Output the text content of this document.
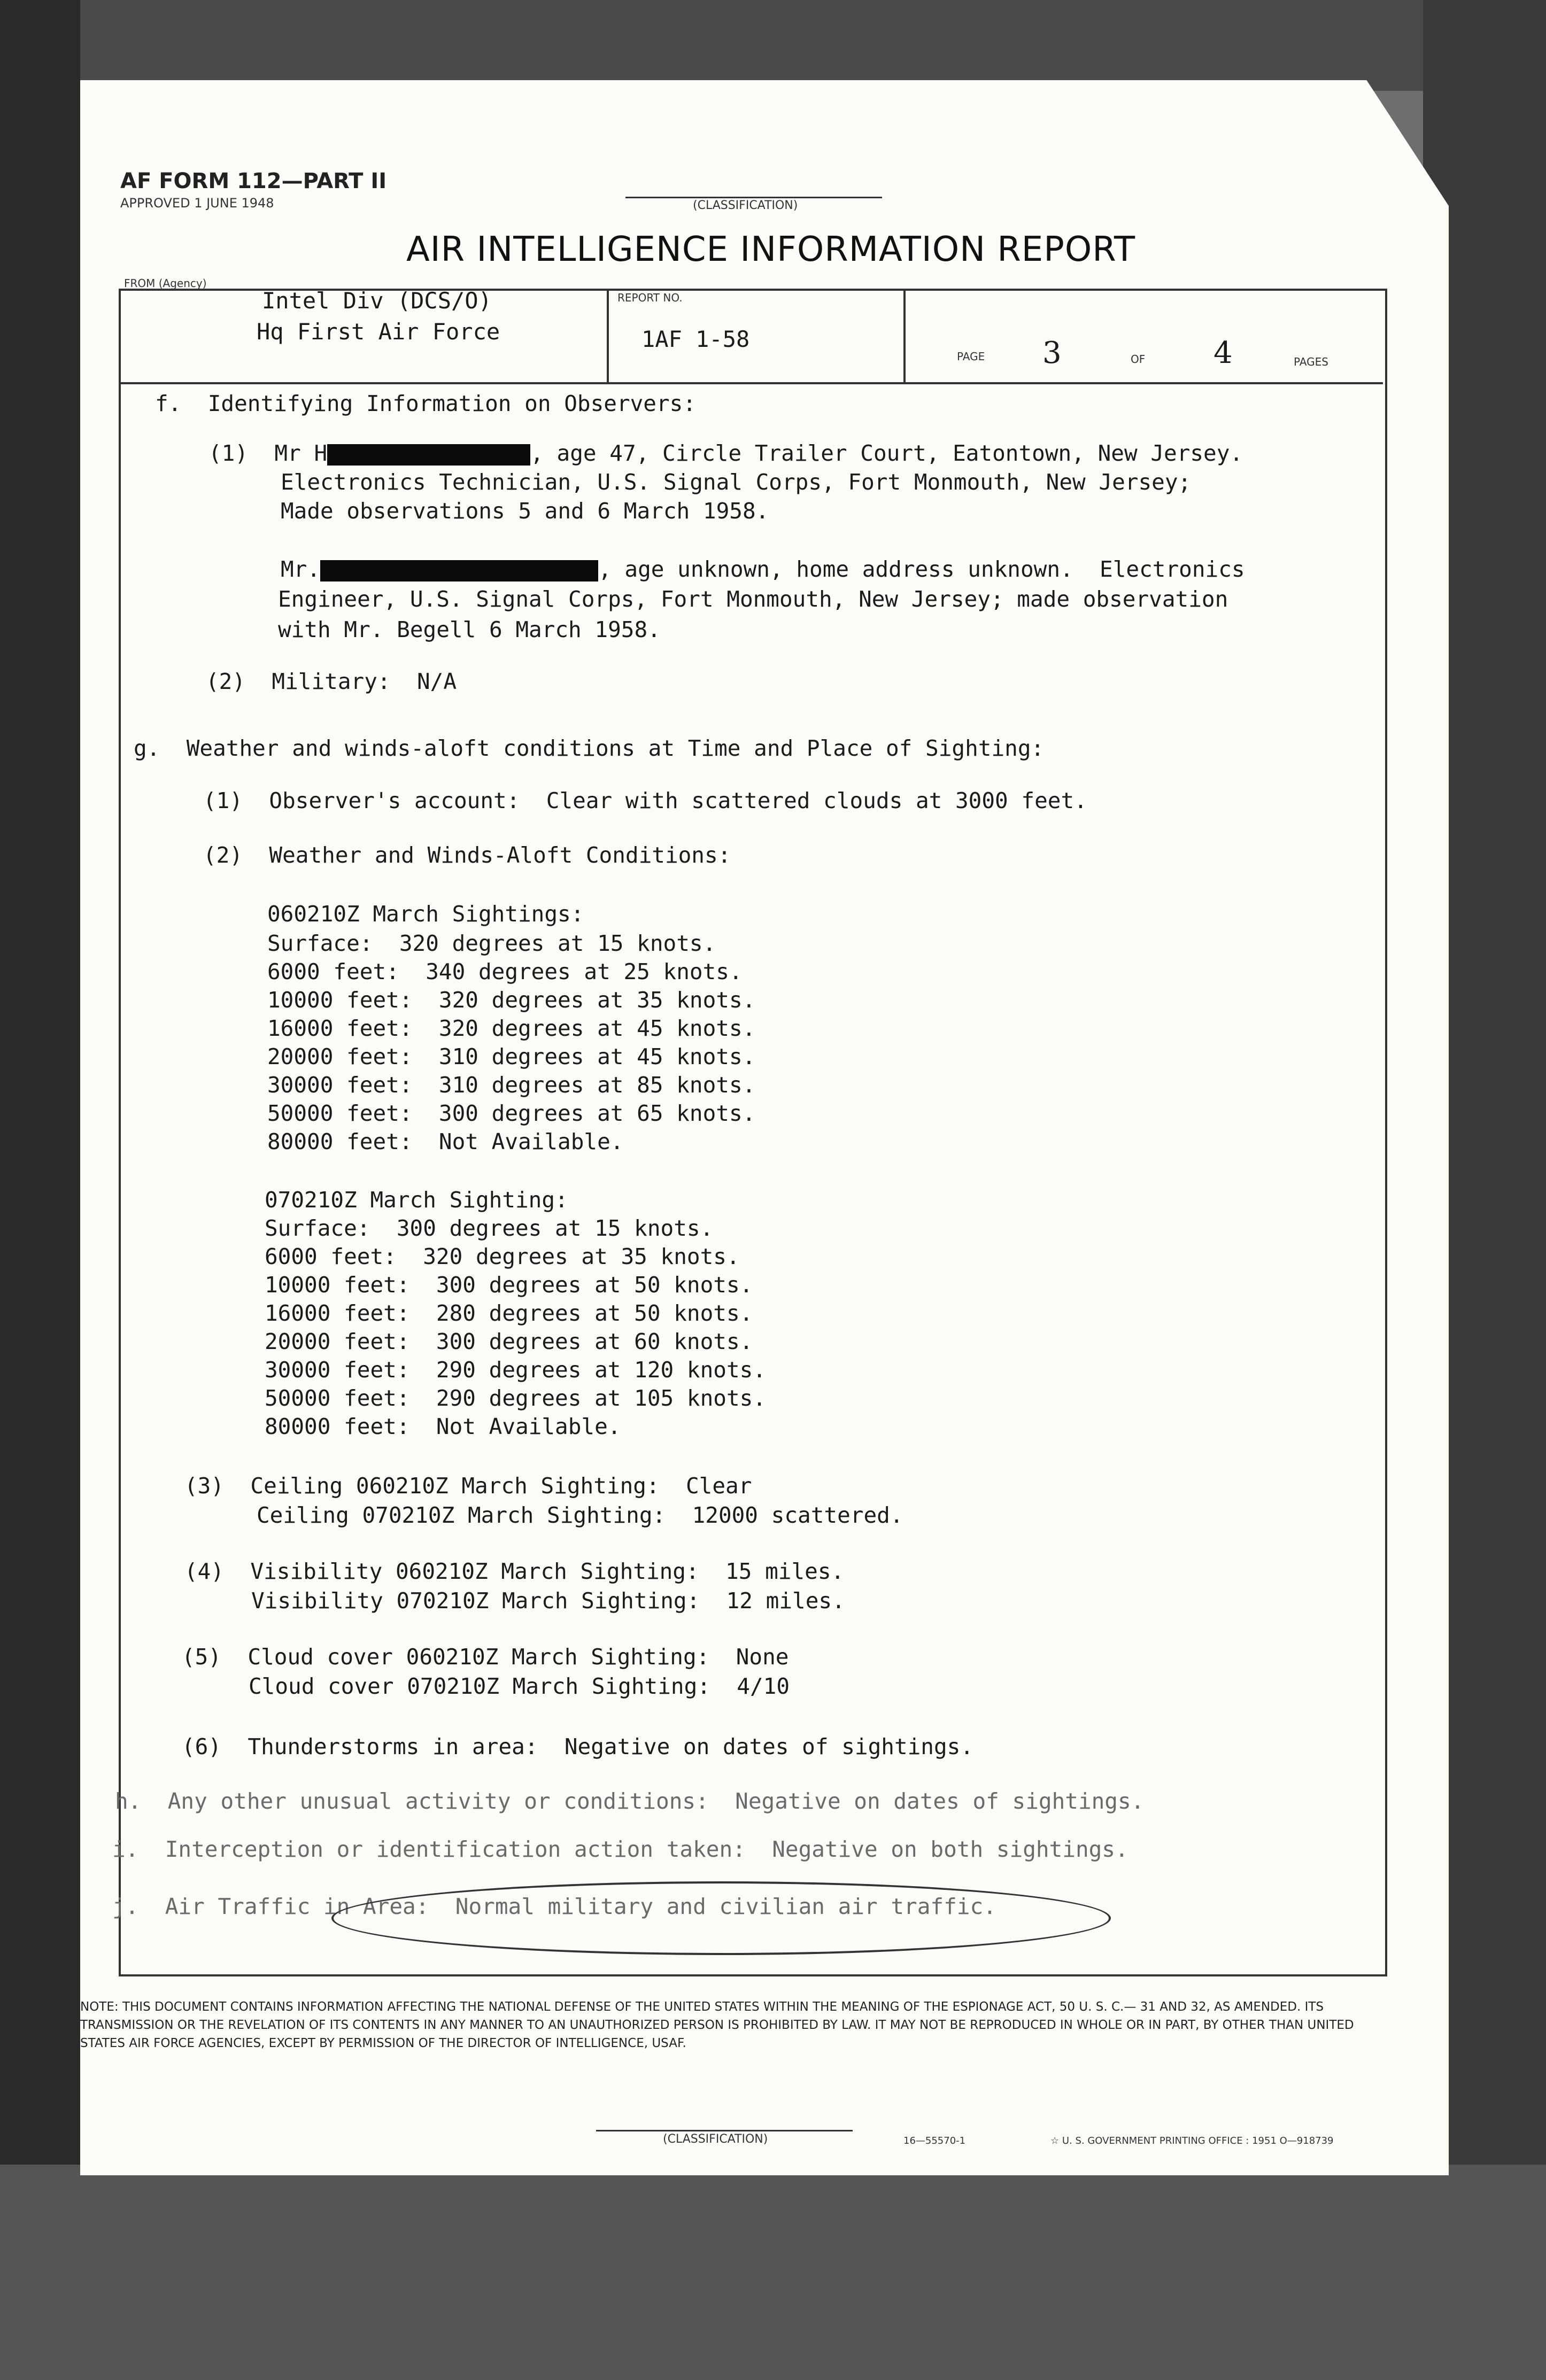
AF FORM 112—PART II
APPROVED 1 JUNE 1948	(CLASSIFICATION)
AIR INTELLIGENCE INFORMATION REPORT
FROM (Agency)
Intel Div (DCS/O)
Hq First Air Force
REPORT NO.
1AF 1-58
PAGE 3	OF 4	PAGES
f.  Identifying Information on Observers:
(1)  Mr H	, age 47, Circle Trailer Court, Eatontown, New Jersey.
Electronics Technician, U.S. Signal Corps, Fort Monmouth, New Jersey;
Made observations 5 and 6 March 1958.
Mr.	, age unknown, home address unknown.  Electronics
Engineer, U.S. Signal Corps, Fort Monmouth, New Jersey; made observation
with Mr. Begell 6 March 1958.
(2)  Military:  N/A
g.  Weather and winds-aloft conditions at Time and Place of Sighting:
(1)  Observer's account:  Clear with scattered clouds at 3000 feet.
(2)  Weather and Winds-Aloft Conditions:
060210Z March Sightings:
Surface:  320 degrees at 15 knots.
6000 feet:  340 degrees at 25 knots.
10000 feet:  320 degrees at 35 knots.
16000 feet:  320 degrees at 45 knots.
20000 feet:  310 degrees at 45 knots.
30000 feet:  310 degrees at 85 knots.
50000 feet:  300 degrees at 65 knots.
80000 feet:  Not Available.
070210Z March Sighting:
Surface:  300 degrees at 15 knots.
6000 feet:  320 degrees at 35 knots.
10000 feet:  300 degrees at 50 knots.
16000 feet:  280 degrees at 50 knots.
20000 feet:  300 degrees at 60 knots.
30000 feet:  290 degrees at 120 knots.
50000 feet:  290 degrees at 105 knots.
80000 feet:  Not Available.
(3)  Ceiling 060210Z March Sighting:  Clear
Ceiling 070210Z March Sighting:  12000 scattered.
(4)  Visibility 060210Z March Sighting:  15 miles.
Visibility 070210Z March Sighting:  12 miles.
(5)  Cloud cover 060210Z March Sighting:  None
Cloud cover 070210Z March Sighting:  4/10
(6)  Thunderstorms in area:  Negative on dates of sightings.
h.  Any other unusual activity or conditions:  Negative on dates of sightings.
i.  Interception or identification action taken:  Negative on both sightings.
j.  Air Traffic in Area:  Normal military and civilian air traffic.
NOTE: THIS DOCUMENT CONTAINS INFORMATION AFFECTING THE NATIONAL DEFENSE OF THE UNITED STATES WITHIN THE MEANING OF THE ESPIONAGE ACT, 50 U. S. C.— 31 AND 32, AS AMENDED. ITS TRANSMISSION OR THE REVELATION OF ITS CONTENTS IN ANY MANNER TO AN UNAUTHORIZED PERSON IS PROHIBITED BY LAW. IT MAY NOT BE REPRODUCED IN WHOLE OR IN PART, BY OTHER THAN UNITED STATES AIR FORCE AGENCIES, EXCEPT BY PERMISSION OF THE DIRECTOR OF INTELLIGENCE, USAF.
(CLASSIFICATION)	16—55570-1	☆ U. S. GOVERNMENT PRINTING OFFICE : 1951 O—918739
